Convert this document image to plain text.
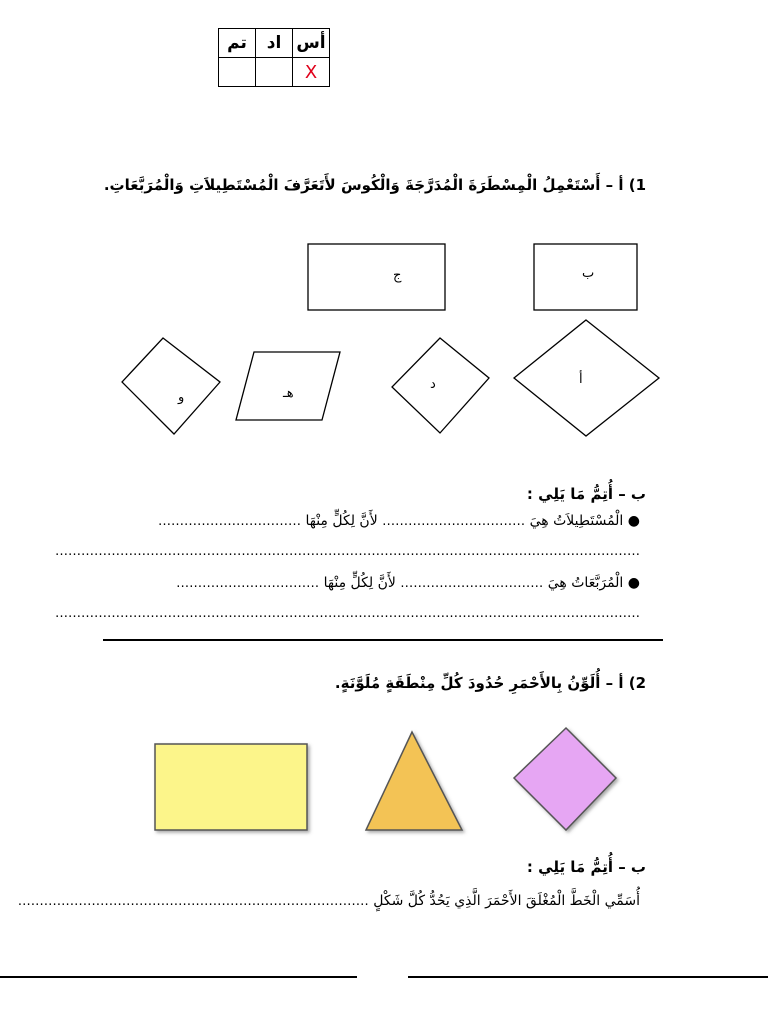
تم	اد	أس
		X
1) أ – أَسْتَعْمِلُ الْمِسْطَرَةَ الْمُدَرَّجَةَ وَالْكُوسَ لأَتَعَرَّفَ الْمُسْتَطِيلاَتِ وَالْمُرَبَّعَاتِ.
ب
ج
أ
د
هـ
و
ب – أُتِمُّ مَا يَلِي :
● الْمُسْتَطِيلاَتُ هِيَ …………………………… لأَنَّ لِكُلٍّ مِنْهَا ……………………………
………………………………………………………………………………………………………………………
● الْمُرَبَّعَاتُ هِيَ …………………………… لأَنَّ لِكُلٍّ مِنْهَا ……………………………
………………………………………………………………………………………………………………………
2) أ – أُلَوِّنُ بِالأَحْمَرِ حُدُودَ كُلِّ مِنْطَقَةٍ مُلَوَّنَةٍ.
ب – أُتِمُّ مَا يَلِي :
أُسَمِّي الْخَطَّ الْمُغْلَقَ الأَحْمَرَ الَّذِي يَحُدُّ كُلَّ شَكْلٍ ………………………………………………………………………
